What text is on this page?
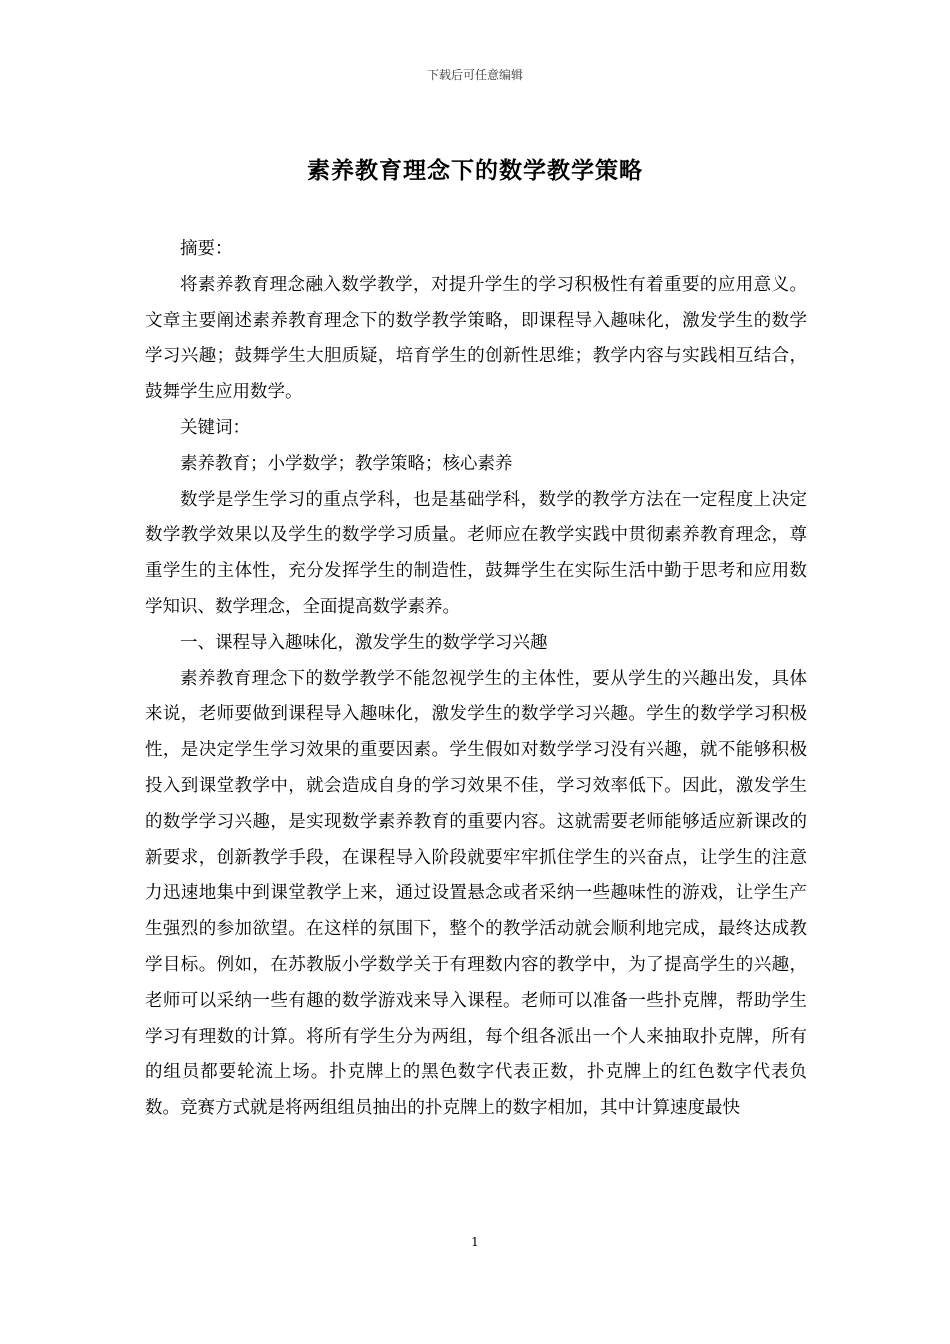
下载后可任意编辑
素养教育理念下的数学教学策略

摘要：

将素养教育理念融入数学教学，对提升学生的学习积极性有着重要的应用意义。文章主要阐述素养教育理念下的数学教学策略，即课程导入趣味化，激发学生的数学学习兴趣；鼓舞学生大胆质疑，培育学生的创新性思维；教学内容与实践相互结合，鼓舞学生应用数学。

关键词：

素养教育；小学数学；教学策略；核心素养

数学是学生学习的重点学科，也是基础学科，数学的教学方法在一定程度上决定数学教学效果以及学生的数学学习质量。老师应在教学实践中贯彻素养教育理念，尊重学生的主体性，充分发挥学生的制造性，鼓舞学生在实际生活中勤于思考和应用数学知识、数学理念，全面提高数学素养。

一、课程导入趣味化，激发学生的数学学习兴趣

素养教育理念下的数学教学不能忽视学生的主体性，要从学生的兴趣出发，具体来说，老师要做到课程导入趣味化，激发学生的数学学习兴趣。学生的数学学习积极性，是决定学生学习效果的重要因素。学生假如对数学学习没有兴趣，就不能够积极投入到课堂教学中，就会造成自身的学习效果不佳，学习效率低下。因此，激发学生的数学学习兴趣，是实现数学素养教育的重要内容。这就需要老师能够适应新课改的新要求，创新教学手段，在课程导入阶段就要牢牢抓住学生的兴奋点，让学生的注意力迅速地集中到课堂教学上来，通过设置悬念或者采纳一些趣味性的游戏，让学生产生强烈的参加欲望。在这样的氛围下，整个的教学活动就会顺利地完成，最终达成教学目标。例如，在苏教版小学数学关于有理数内容的教学中，为了提高学生的兴趣，老师可以采纳一些有趣的数学游戏来导入课程。老师可以准备一些扑克牌，帮助学生学习有理数的计算。将所有学生分为两组，每个组各派出一个人来抽取扑克牌，所有的组员都要轮流上场。扑克牌上的黑色数字代表正数，扑克牌上的红色数字代表负数。竞赛方式就是将两组组员抽出的扑克牌上的数字相加，其中计算速度最快

1
